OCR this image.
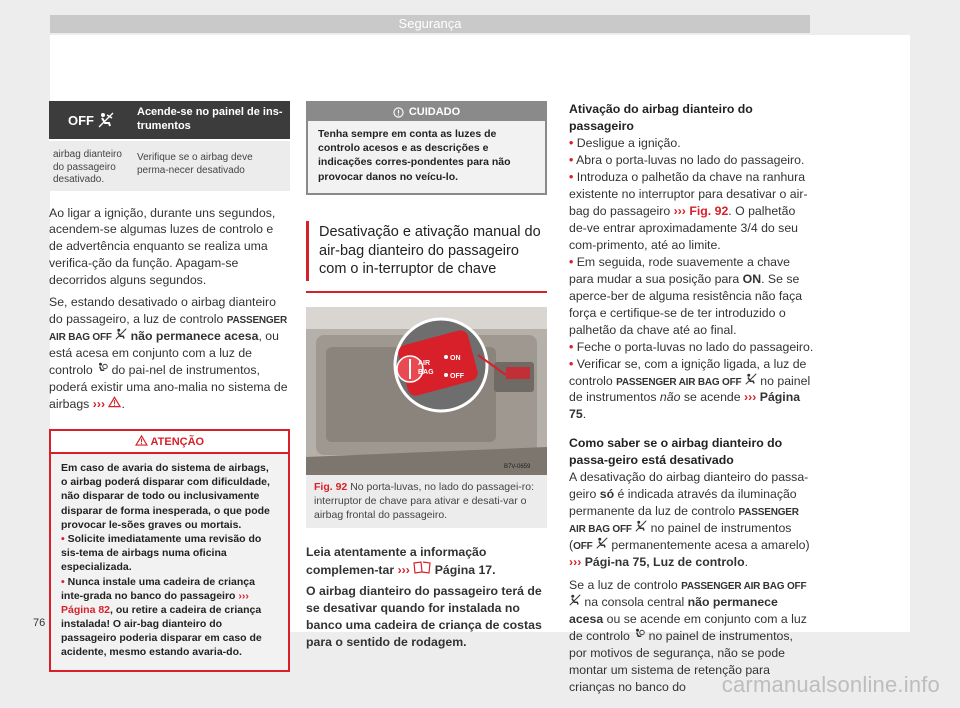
Segurança
OFF
Acende-se no painel de ins-trumentos
airbag dianteiro do passageiro desativado.
Verifique se o airbag deve perma-necer desativado

Ao ligar a ignição, durante uns segundos, acendem-se algumas luzes de controlo e de advertência enquanto se realiza uma verifica-ção da função. Apagam-se decorridos alguns segundos.

Se, estando desativado o airbag dianteiro do passageiro, a luz de controlo PASSENGER AIR BAG OFF  não permanece acesa, ou está acesa em conjunto com a luz de controlo  do pai-nel de instrumentos, poderá existir uma ano-malia no sistema de airbags ››› .

ATENÇÃO
Em caso de avaria do sistema de airbags, o airbag poderá disparar com dificuldade, não disparar de todo ou inclusivamente disparar de forma inesperada, o que pode provocar le-sões graves ou mortais.
• Solicite imediatamente uma revisão do sis-tema de airbags numa oficina especializada.
• Nunca instale uma cadeira de criança inte-grada no banco do passageiro ››› Página 82, ou retire a cadeira de criança instalada! O air-bag dianteiro do passageiro poderia disparar em caso de acidente, mesmo estando avaria-do.
CUIDADO
Tenha sempre em conta as luzes de controlo acesos e as descrições e indicações corres-pondentes para não provocar danos no veícu-lo.
Desativação e ativação manual do air-bag dianteiro do passageiro com o in-terruptor de chave
AIR
BAG
ON
OFF
B7V-0659
Fig. 92 No porta-luvas, no lado do passagei-ro: interruptor de chave para ativar e desati-var o airbag frontal do passageiro.

Leia atentamente a informação complemen-tar ››› Página 17.

O airbag dianteiro do passageiro terá de se desativar quando for instalada no banco uma cadeira de criança de costas para o sentido de rodagem.

Ativação do airbag dianteiro do passageiro
• Desligue a ignição.
• Abra o porta-luvas no lado do passageiro.
• Introduza o palhetão da chave na ranhura existente no interruptor para desativar o air-bag do passageiro ››› Fig. 92. O palhetão de-ve entrar aproximadamente 3/4 do seu com-primento, até ao limite.
• Em seguida, rode suavemente a chave para mudar a sua posição para ON. Se se aperce-ber de alguma resistência não faça força e certifique-se de ter introduzido o palhetão da chave até ao final.
• Feche o porta-luvas no lado do passageiro.
• Verificar se, com a ignição ligada, a luz de controlo PASSENGER AIR BAG OFF  no painel de instrumentos não se acende ››› Página 75.
Como saber se o airbag dianteiro do passa-geiro está desativado

A desativação do airbag dianteiro do passa-geiro só é indicada através da iluminação permanente da luz de controlo PASSENGER AIR BAG OFF  no painel de instrumentos (OFF  permanentemente acesa a amarelo) ››› Pági-na 75, Luz de controlo.

Se a luz de controlo PASSENGER AIR BAG OFF  na consola central não permanece acesa ou se acende em conjunto com a luz de controlo  no painel de instrumentos, por motivos de segurança, não se pode montar um sistema de retenção para crianças no banco do

76
carmanualsonline.info
